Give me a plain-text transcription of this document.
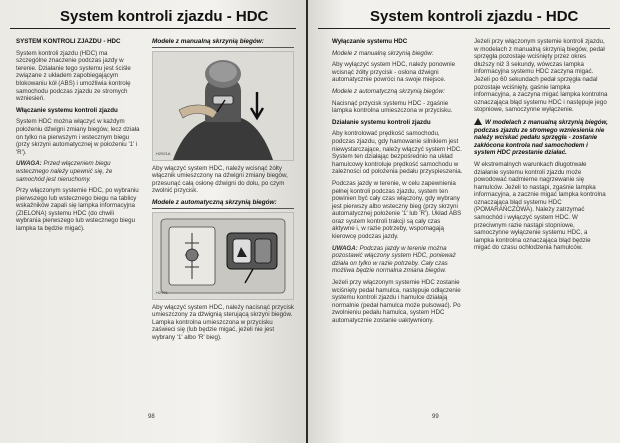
System kontroli zjazdu - HDC

SYSTEM KONTROLI ZJAZDU - HDC

System kontroli zjazdu (HDC) ma szczególne znaczenie podczas jazdy w terenie. Działanie tego systemu jest ściśle związane z układem zapobiegającym blokowaniu kół (ABS) i umożliwia kontrolę samochodu podczas zjazdu ze stromych wzniesień.

Włączanie systemu kontroli zjazdu

System HDC można włączyć w każdym położeniu dźwigni zmiany biegów, lecz działa on tylko na pierwszym i wstecznym biegu (przy skrzyni automatycznej w położeniu '1' i 'R').

UWAGA: Przed włączeniem biegu wstecznego należy upewnić się, że samochód jest nieruchomy.

Przy włączonym systemie HDC, po wybraniu pierwszego lub wstecznego biegu na tablicy wskaźników zapali się lampka informacyjna (ZIELONA) systemu HDC (do chwili wybrania pierwszego lub wstecznego biegu lampka ta będzie migać).

Modele z manualną skrzynią biegów:
H2921A

Aby włączyć system HDC, należy wcisnąć żółty włącznik umieszczony na dźwigni zmiany biegów, przesunąć całą osłonę dźwigni do dołu, po czym zwolnić przycisk.

Modele z automatyczną skrzynią biegów:
H2931

Aby włączyć system HDC, należy nacisnąć przycisk umieszczony za dźwignią sterującą skrzyni biegów. Lampka kontrolna umieszczona w przycisku zaświeci się (lub będzie migać, jeżeli nie jest wybrany '1' albo 'R' bieg).

98
System kontroli zjazdu - HDC

Wyłączanie systemu HDC

Modele z manualną skrzynią biegów:

Aby wyłączyć system HDC, należy ponownie wcisnąć żółty przycisk - osłona dźwigni automatycznie powróci na swoje miejsce.

Modele z automatyczną skrzynią biegów:

Nacisnąć przycisk systemu HDC - zgaśnie lampka kontrolna umieszczona w przycisku.

Działanie systemu kontroli zjazdu

Aby kontrolować prędkość samochodu, podczas zjazdu, gdy hamowanie silnikiem jest niewystarczające, należy włączyć system HDC. System ten działając bezpośrednio na układ hamulcowy kontroluje prędkość samochodu w zależności od położenia pedału przyspieszenia.

Podczas jazdy w terenie, w celu zapewnienia pełnej kontroli podczas zjazdu, system ten powinien być cały czas włączony, gdy wybrany jest pierwszy albo wsteczny bieg (przy skrzyni automatycznej położenie '1' lub 'R'). Układ ABS oraz system kontroli trakcji są cały czas aktywne i, w razie potrzeby, wspomagają kierowcę podczas jazdy.

UWAGA: Podczas jazdy w terenie można pozostawić włączony system HDC, ponieważ działa on tylko w razie potrzeby. Cały czas możliwa będzie normalna zmiana biegów.

Jeżeli przy włączonym systemie HDC zostanie wciśnięty pedał hamulca, następuje odłączenie systemu kontroli zjazdu i hamulce działają normalnie (pedał hamulca może pulsować). Po zwolnieniu pedału hamulca, system HDC automatycznie zostanie uaktywniony.

Jeżeli przy włączonym systemie kontroli zjazdu, w modelach z manualną skrzynią biegów, pedał sprzęgła pozostaje wciśnięty przez okres dłuższy niż 3 sekundy, wówczas lampka informacyjna systemu HDC zaczyna migać. Jeżeli po 60 sekundach pedał sprzęgła nadal pozostaje wciśnięty, gaśnie lampka informacyjna, a zaczyna migać lampka kontrolna oznaczająca błąd systemu HDC i następuje jego stopniowe, samoczynne wyłączenie.

W modelach z manualną skrzynią biegów, podczas zjazdu ze stromego wzniesienia nie należy wciskać pedału sprzęgła - zostanie zakłócona kontrola nad samochodem i system HDC przestanie działać.

W ekstremalnych warunkach długotrwałe działanie systemu kontroli zjazdu może powodować nadmierne nagrzewanie się hamulców. Jeżeli to nastąpi, zgaśnie lampka informacyjna, a zacznie migać lampka kontrolna oznaczająca błąd systemu HDC (POMARAŃCZOWA). Należy zatrzymać samochód i wyłączyć system HDC. W przeciwnym razie nastąpi stopniowe, samoczynne wyłączenie systemu HDC, a lampka kontrolna oznaczająca błąd będzie migać do czasu ochłodzenia hamulców.

99
